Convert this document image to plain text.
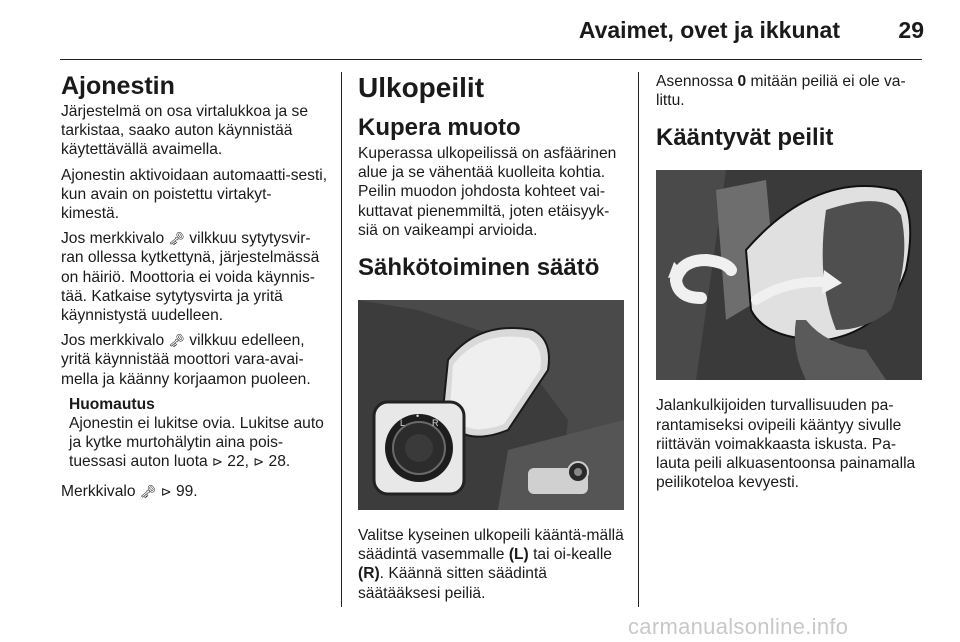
Avaimet, ovet ja ikkunat	29
Ajonestin

Järjestelmä on osa virtalukkoa ja se tarkistaa, saako auton käynnistää käytettävällä avaimella.

Ajonestin aktivoidaan automaatti-sesti, kun avain on poistettu virtakyt-kimestä.

Jos merkkivalo 🗝︎ vilkkuu sytytysvir-ran ollessa kytkettynä, järjestelmässä on häiriö. Moottoria ei voida käynnis-tää. Katkaise sytytysvirta ja yritä käynnistystä uudelleen.

Jos merkkivalo 🗝︎ vilkkuu edelleen, yritä käynnistää moottori vara-avai-mella ja käänny korjaamon puoleen.

Huomautus
Ajonestin ei lukitse ovia. Lukitse auto ja kytke murtohälytin aina pois-tuessasi auton luota ⊳ 22, ⊳ 28.

Merkkivalo 🗝︎ ⊳ 99.

Ulkopeilit
Kupera muoto

Kuperassa ulkopeilissä on asfäärinen alue ja se vähentää kuolleita kohtia. Peilin muodon johdosta kohteet vai-kuttavat pienemmiltä, joten etäisyyk-siä on vaikeampi arvioida.

Sähkötoiminen säätö
L
•
R

Valitse kyseinen ulkopeili kääntä-mällä säädintä vasemmalle (L) tai oi-kealle (R). Käännä sitten säädintä säätääksesi peiliä.

Asennossa 0 mitään peiliä ei ole va-littu.

Kääntyvät peilit

Jalankulkijoiden turvallisuuden pa-rantamiseksi ovipeili kääntyy sivulle riittävän voimakkaasta iskusta. Pa-lauta peili alkuasentoonsa painamalla peilikoteloa kevyesti.

carmanualsonline.info
